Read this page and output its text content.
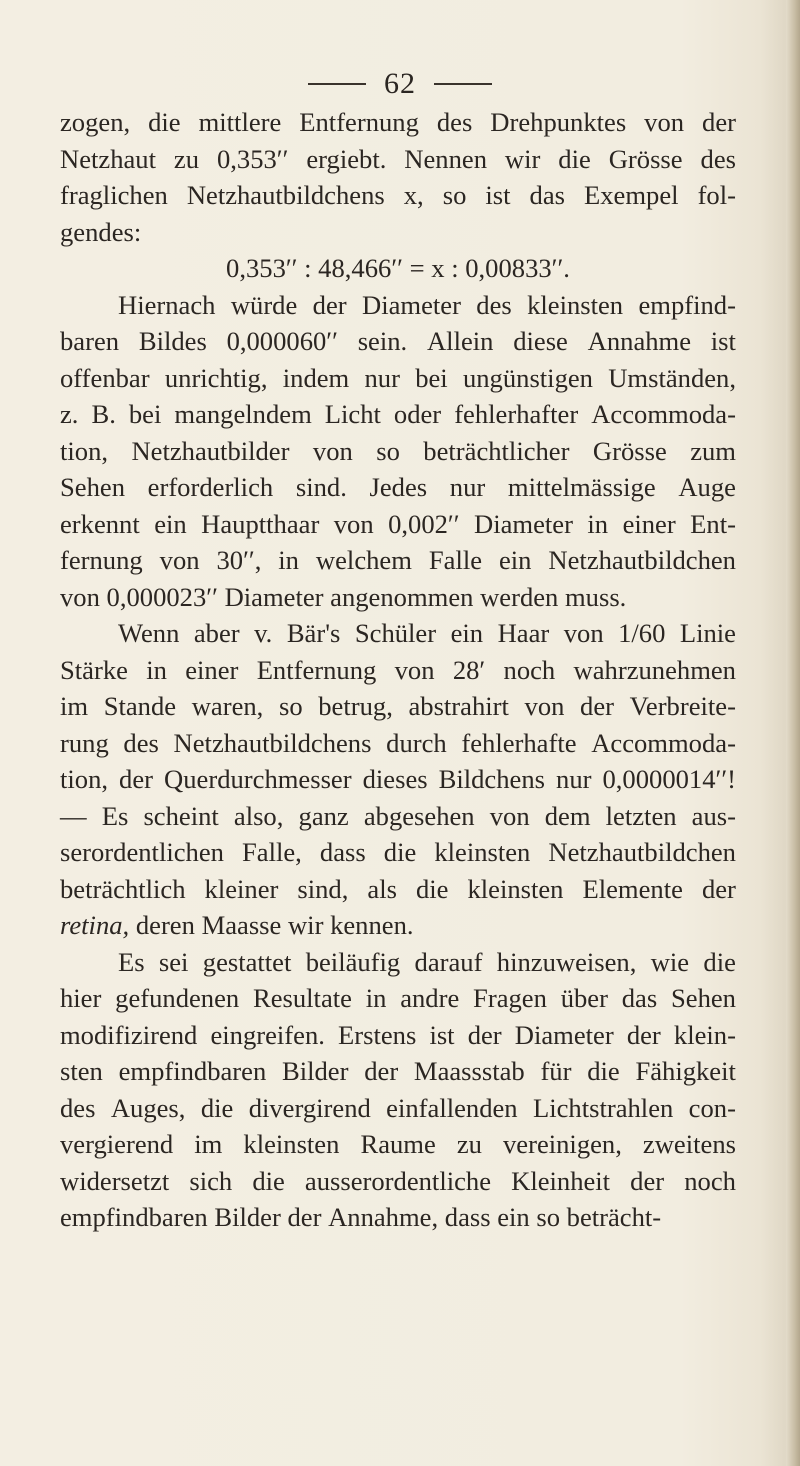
62
zogen, die mittlere Entfernung des Drehpunktes von der
Netzhaut zu 0,353′′ ergiebt. Nennen wir die Grösse des
fraglichen Netzhautbildchens x, so ist das Exempel fol-
gendes:
0,353′′ : 48,466′′ = x : 0,00833′′.
Hiernach würde der Diameter des kleinsten empfind-
baren Bildes 0,000060′′ sein. Allein diese Annahme ist
offenbar unrichtig, indem nur bei ungünstigen Umständen,
z. B. bei mangelndem Licht oder fehlerhafter Accommoda-
tion, Netzhautbilder von so beträchtlicher Grösse zum
Sehen erforderlich sind. Jedes nur mittelmässige Auge
erkennt ein Hauptthaar von 0,002′′ Diameter in einer Ent-
fernung von 30′′, in welchem Falle ein Netzhautbildchen
von 0,000023′′ Diameter angenommen werden muss.
Wenn aber v. Bär's Schüler ein Haar von 1/60 Linie
Stärke in einer Entfernung von 28′ noch wahrzunehmen
im Stande waren, so betrug, abstrahirt von der Verbreite-
rung des Netzhautbildchens durch fehlerhafte Accommoda-
tion, der Querdurchmesser dieses Bildchens nur 0,0000014′′!
— Es scheint also, ganz abgesehen von dem letzten aus-
serordentlichen Falle, dass die kleinsten Netzhautbildchen
beträchtlich kleiner sind, als die kleinsten Elemente der
retina, deren Maasse wir kennen.
Es sei gestattet beiläufig darauf hinzuweisen, wie die
hier gefundenen Resultate in andre Fragen über das Sehen
modifizirend eingreifen. Erstens ist der Diameter der klein-
sten empfindbaren Bilder der Maassstab für die Fähigkeit
des Auges, die divergirend einfallenden Lichtstrahlen con-
vergierend im kleinsten Raume zu vereinigen, zweitens
widersetzt sich die ausserordentliche Kleinheit der noch
empfindbaren Bilder der Annahme, dass ein so beträcht-
